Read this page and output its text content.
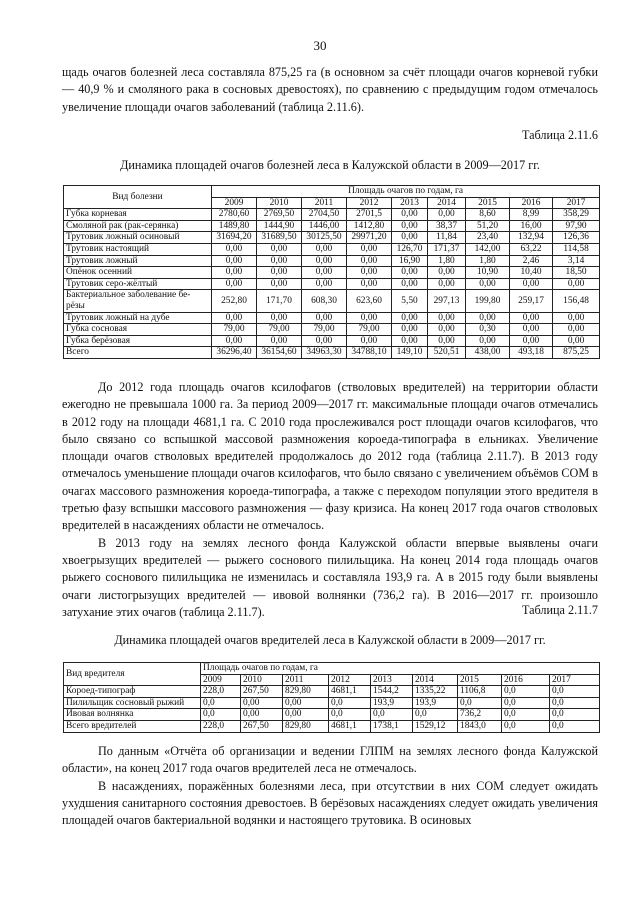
30

щадь очагов болезней леса составляла 875,25 га (в основном за счёт площади очагов корневой губки — 40,9 % и смоляного рака в сосновых древостоях), по сравнению с предыдущим годом отмечалось увеличение площади очагов заболеваний (таблица 2.11.6).

Таблица 2.11.6
Динамика площадей очагов болезней леса в Калужской области в 2009—2017 гг.
Вид болезни	Площадь очагов по годам, га								
	2009	2010	2011	2012	2013	2014	2015	2016	2017
Губка корневая	2780,60	2769,50	2704,50	2701,5	0,00	0,00	8,60	8,99	358,29
Смоляной рак (рак-серянка)	1489,80	1444,90	1446,00	1412,80	0,00	38,37	51,20	16,00	97,90
Трутовик ложный осиновый	31694,20	31689,50	30125,50	29971,20	0,00	11,84	23,40	132,94	126,36
Трутовик настоящий	0,00	0,00	0,00	0,00	126,70	171,37	142,00	63,22	114,58
Трутовик ложный	0,00	0,00	0,00	0,00	16,90	1,80	1,80	2,46	3,14
Опёнок осенний	0,00	0,00	0,00	0,00	0,00	0,00	10,90	10,40	18,50
Трутовик серо-жёлтый	0,00	0,00	0,00	0,00	0,00	0,00	0,00	0,00	0,00
Бактериальное заболевание бе-
рёзы	252,80	171,70	608,30	623,60	5,50	297,13	199,80	259,17	156,48
Трутовик ложный на дубе	0,00	0,00	0,00	0,00	0,00	0,00	0,00	0,00	0,00
Губка сосновая	79,00	79,00	79,00	79,00	0,00	0,00	0,30	0,00	0,00
Губка берёзовая	0,00	0,00	0,00	0,00	0,00	0,00	0,00	0,00	0,00
Всего	36296,40	36154,60	34963,30	34788,10	149,10	520,51	438,00	493,18	875,25

До 2012 года площадь очагов ксилофагов (стволовых вредителей) на территории области ежегодно не превышала 1000 га. За период 2009—2017 гг. максимальные площади очагов отмечались в 2012 году на площади 4681,1 га. С 2010 года прослеживался рост площади очагов ксилофагов, что было связано со вспышкой массовой размножения короеда-типографа в ельниках. Увеличение площади очагов стволовых вредителей продолжалось до 2012 года (таблица 2.11.7). В 2013 году отмечалось уменьшение площади очагов ксилофагов, что было связано с увеличением объёмов СОМ в очагах массового размножения короеда-типографа, а также с переходом популяции этого вредителя в третью фазу вспышки массового размножения — фазу кризиса. На конец 2017 года очагов стволовых вредителей в насаждениях области не отмечалось.

В 2013 году на землях лесного фонда Калужской области впервые выявлены очаги хвоегрызущих вредителей — рыжего соснового пилильщика. На конец 2014 года площадь очагов рыжего соснового пилильщика не изменилась и составляла 193,9 га. А в 2015 году были выявлены очаги листогрызущих вредителей — ивовой волнянки (736,2 га). В 2016—2017 гг. произошло затухание этих очагов (таблица 2.11.7).	Таблица 2.11.7
Динамика площадей очагов вредителей леса в Калужской области в 2009—2017 гг.
Вид вредителя	Площадь очагов по годам, га								
	2009	2010	2011	2012	2013	2014	2015	2016	2017
Короед-типограф	228,0	267,50	829,80	4681,1	1544,2	1335,22	1106,8	0,0	0,0
Пилильщик сосновый рыжий	0,0	0,00	0,00	0,0	193,9	193,9	0,0	0,0	0,0
Ивовая волнянка	0,0	0,00	0,00	0,0	0,0	0,0	736,2	0,0	0,0
Всего вредителей	228,0	267,50	829,80	4681,1	1738,1	1529,12	1843,0	0,0	0,0

По данным «Отчёта об организации и ведении ГЛПМ на землях лесного фонда Калужской области», на конец 2017 года очагов вредителей леса не отмечалось.

В насаждениях, поражённых болезнями леса, при отсутствии в них СОМ следует ожидать ухудшения санитарного состояния древостоев. В берёзовых насаждениях следует ожидать увеличения площадей очагов бактериальной водянки и настоящего трутовика. В осиновых
